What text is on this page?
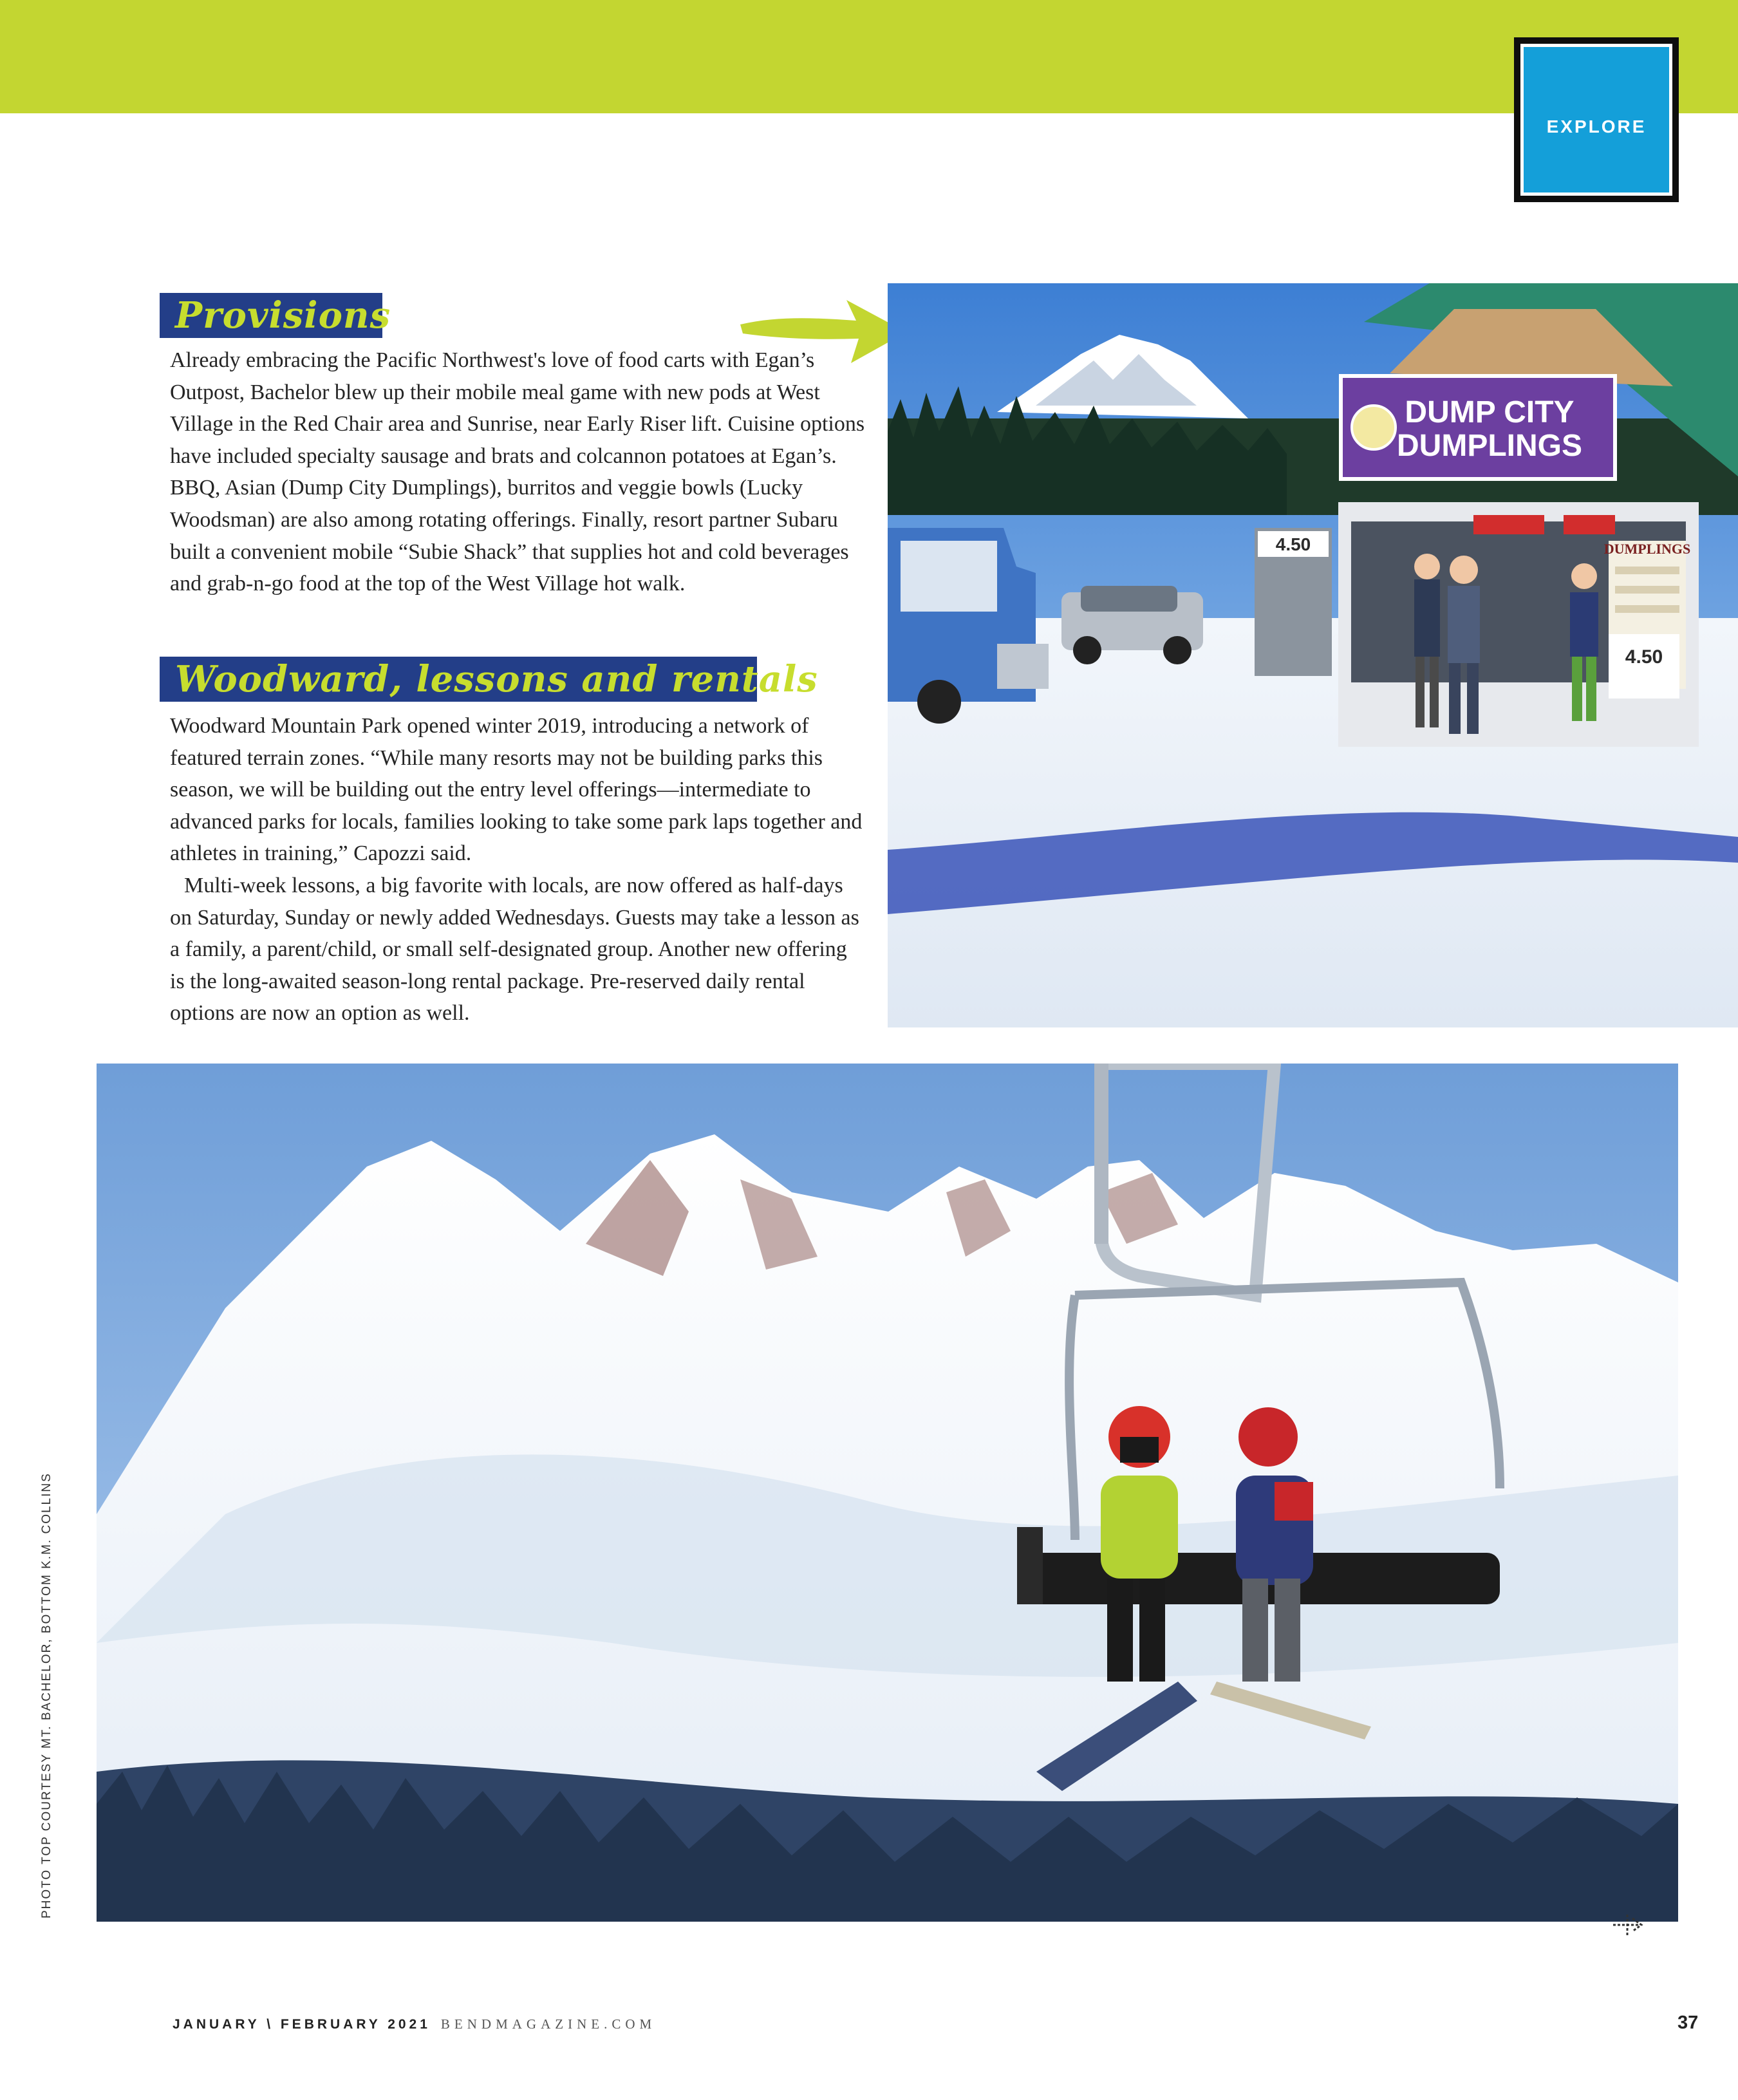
EXPLORE
Provisions

Already embracing the Pacific Northwest's love of food carts with Egan’s Outpost, Bachelor blew up their mobile meal game with new pods at West Village in the Red Chair area and Sunrise, near Early Riser lift. Cuisine options have included specialty sausage and brats and colcannon potatoes at Egan’s. BBQ, Asian (Dump City Dumplings), burritos and veggie bowls (Lucky Woodsman) are also among rotating offerings. Finally, resort partner Subaru built a convenient mobile “Subie Shack” that supplies hot and cold beverages and grab-n-go food at the top of the West Village hot walk.

Woodward, lessons and rentals

Woodward Mountain Park opened winter 2019, introducing a network of featured terrain zones. “While many resorts may not be building parks this season, we will be building out the entry level offerings—intermediate to advanced parks for locals, families looking to take some park laps together and athletes in training,” Capozzi said.

Multi-week lessons, a big favorite with locals, are now offered as half-days on Saturday, Sunday or newly added Wednesdays. Guests may take a lesson as a family, a parent/child, or small self-designated group. Another new offering is the long-awaited season-long rental package. Pre-reserved daily rental options are now an option as well.

DUMPLINGS
4.50
4.50
DUMP CITY
DUMPLINGS
PHOTO TOP COURTESY MT. BACHELOR, BOTTOM K.M. COLLINS
JANUARY \ FEBRUARY 2021 BENDMAGAZINE.COM	37
